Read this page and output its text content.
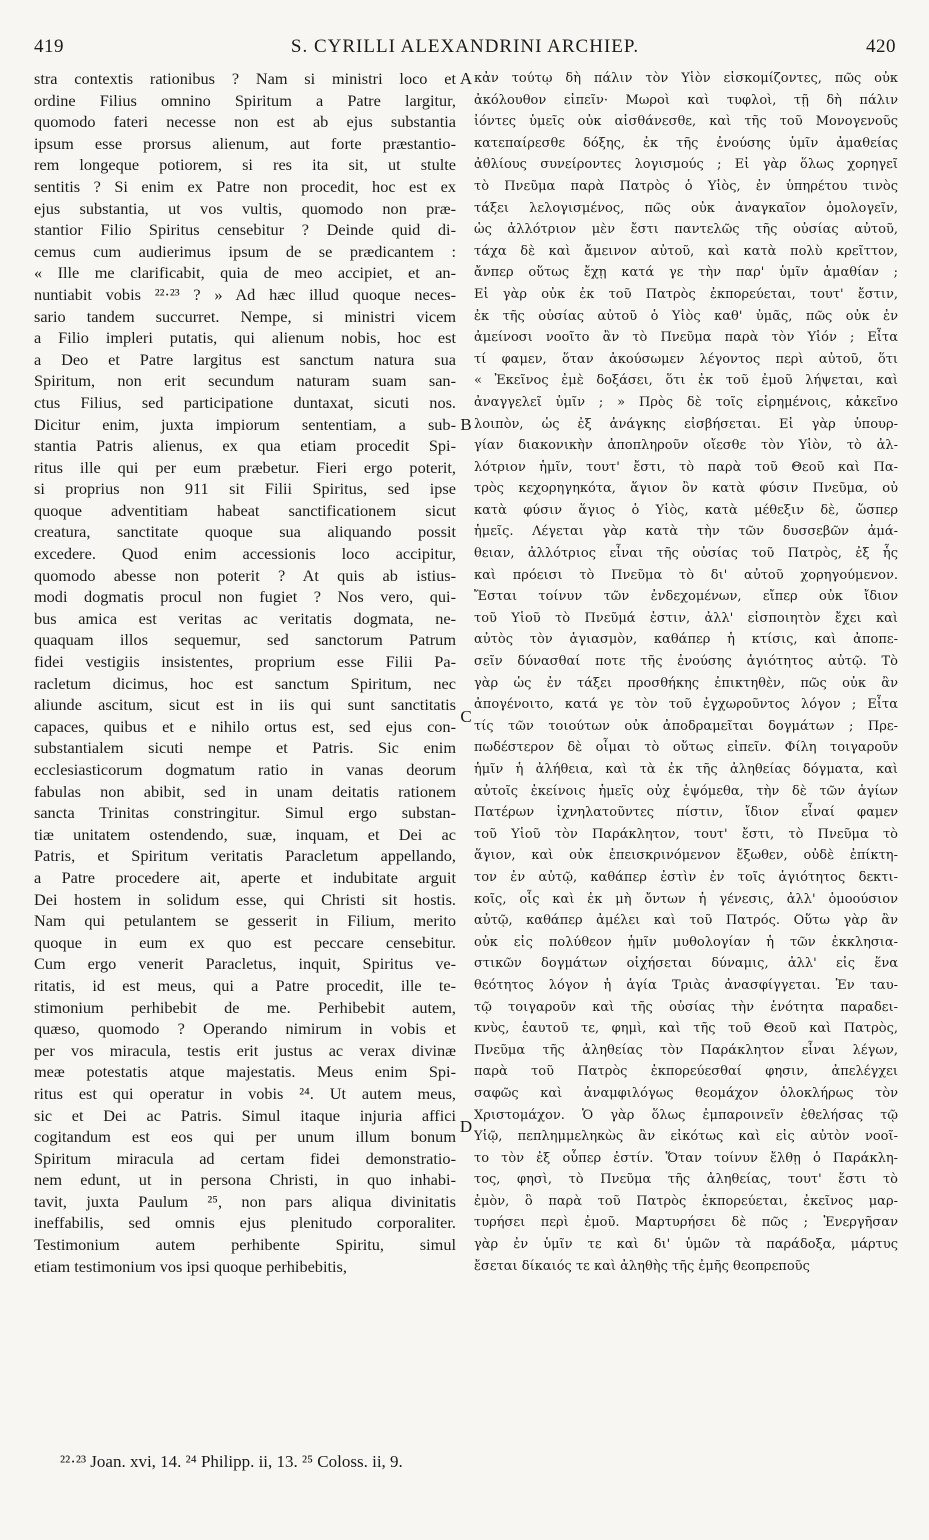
419	S. CYRILLI ALEXANDRINI ARCHIEP.	420
stra contextis rationibus ? Nam si ministri loco et
ordine Filius omnino Spiritum a Patre largitur,
quomodo fateri necesse non est ab ejus substantia
ipsum esse prorsus alienum, aut forte præstantio-
rem longeque potiorem, si res ita sit, ut stulte
sentitis ? Si enim ex Patre non procedit, hoc est ex
ejus substantia, ut vos vultis, quomodo non præ-
stantior Filio Spiritus censebitur ? Deinde quid di-
cemus cum audierimus ipsum de se prædicantem :
« Ille me clarificabit, quia de meo accipiet, et an-
nuntiabit vobis ²²·²³ ? » Ad hæc illud quoque neces-
sario tandem succurret. Nempe, si ministri vicem
a Filio impleri putatis, qui alienum nobis, hoc est
a Deo et Patre largitus est sanctum natura sua
Spiritum, non erit secundum naturam suam san-
ctus Filius, sed participatione duntaxat, sicuti nos.
Dicitur enim, juxta impiorum sententiam, a sub-
stantia Patris alienus, ex qua etiam procedit Spi-
ritus ille qui per eum præbetur. Fieri ergo poterit,
si proprius non 911 sit Filii Spiritus, sed ipse
quoque adventitiam habeat sanctificationem sicut
creatura, sanctitate quoque sua aliquando possit
excedere. Quod enim accessionis loco accipitur,
quomodo abesse non poterit ? At quis ab istius-
modi dogmatis procul non fugiet ? Nos vero, qui-
bus amica est veritas ac veritatis dogmata, ne-
quaquam illos sequemur, sed sanctorum Patrum
fidei vestigiis insistentes, proprium esse Filii Pa-
racletum dicimus, hoc est sanctum Spiritum, nec
aliunde ascitum, sicut est in iis qui sunt sanctitatis
capaces, quibus et e nihilo ortus est, sed ejus con-
substantialem sicuti nempe et Patris. Sic enim
ecclesiasticorum dogmatum ratio in vanas deorum
fabulas non abibit, sed in unam deitatis rationem
sancta Trinitas constringitur. Simul ergo substan-
tiæ unitatem ostendendo, suæ, inquam, et Dei ac
Patris, et Spiritum veritatis Paracletum appellando,
a Patre procedere ait, aperte et indubitate arguit
Dei hostem in solidum esse, qui Christi sit hostis.
Nam qui petulantem se gesserit in Filium, merito
quoque in eum ex quo est peccare censebitur.
Cum ergo venerit Paracletus, inquit, Spiritus ve-
ritatis, id est meus, qui a Patre procedit, ille te-
stimonium perhibebit de me. Perhibebit autem,
quæso, quomodo ? Operando nimirum in vobis et
per vos miracula, testis erit justus ac verax divinæ
meæ potestatis atque majestatis. Meus enim Spi-
ritus est qui operatur in vobis ²⁴. Ut autem meus,
sic et Dei ac Patris. Simul itaque injuria affici
cogitandum est eos qui per unum illum bonum
Spiritum miracula ad certam fidei demonstratio-
nem edunt, ut in persona Christi, in quo inhabi-
tavit, juxta Paulum ²⁵, non pars aliqua divinitatis
ineffabilis, sed omnis ejus plenitudo corporaliter.
Testimonium autem perhibente Spiritu, simul
etiam testimonium vos ipsi quoque perhibebitis,
κἀν τούτῳ δὴ πάλιν τὸν Υἱὸν εἰσκομίζοντες, πῶς οὐκ
ἀκόλουθον εἰπεῖν· Μωροὶ καὶ τυφλοὶ, τῇ δὴ πάλιν
ἰόντες ὑμεῖς οὐκ αἰσθάνεσθε, καὶ τῆς τοῦ Μονογενοῦς
κατεπαίρεσθε δόξης, ἐκ τῆς ἐνούσης ὑμῖν ἀμαθείας
ἀθλίους συνείροντες λογισμούς ; Εἰ γὰρ ὅλως χορηγεῖ
τὸ Πνεῦμα παρὰ Πατρὸς ὁ Υἱὸς, ἐν ὑπηρέτου τινὸς
τάξει λελογισμένος, πῶς οὐκ ἀναγκαῖον ὁμολογεῖν,
ὡς ἀλλότριον μὲν ἔστι παντελῶς τῆς οὐσίας αὐτοῦ,
τάχα δὲ καὶ ἄμεινον αὐτοῦ, καὶ κατὰ πολὺ κρεῖττον,
ἄνπερ οὕτως ἔχῃ κατά γε τὴν παρ' ὑμῖν ἀμαθίαν ;
Εἰ γὰρ οὐκ ἐκ τοῦ Πατρὸς ἐκπορεύεται, τουτ' ἔστιν,
ἐκ τῆς οὐσίας αὐτοῦ ὁ Υἱὸς καθ' ὑμᾶς, πῶς οὐκ ἐν
ἀμείνοσι νοοῖτο ἂν τὸ Πνεῦμα παρὰ τὸν Υἱόν ; Εἶτα
τί φαμεν, ὅταν ἀκούσωμεν λέγοντος περὶ αὐτοῦ, ὅτι
« Ἐκεῖνος ἐμὲ δοξάσει, ὅτι ἐκ τοῦ ἐμοῦ λήψεται, καὶ
ἀναγγελεῖ ὑμῖν ; » Πρὸς δὲ τοῖς εἰρημένοις, κἀκεῖνο
λοιπὸν, ὡς ἐξ ἀνάγκης εἰσβήσεται. Εἰ γὰρ ὑπουρ-
γίαν διακονικὴν ἀποπληροῦν οἴεσθε τὸν Υἱὸν, τὸ ἀλ-
λότριον ἡμῖν, τουτ' ἔστι, τὸ παρὰ τοῦ Θεοῦ καὶ Πα-
τρὸς κεχορηγηκότα, ἅγιον ὂν κατὰ φύσιν Πνεῦμα, οὐ
κατὰ φύσιν ἅγιος ὁ Υἱὸς, κατὰ μέθεξιν δὲ, ὥσπερ
ἡμεῖς. Λέγεται γὰρ κατὰ τὴν τῶν δυσσεβῶν ἀμά-
θειαν, ἀλλότριος εἶναι τῆς οὐσίας τοῦ Πατρὸς, ἐξ ἧς
καὶ πρόεισι τὸ Πνεῦμα τὸ δι' αὐτοῦ χορηγούμενον.
Ἔσται τοίνυν τῶν ἐνδεχομένων, εἴπερ οὐκ ἴδιον
τοῦ Υἱοῦ τὸ Πνεῦμά ἐστιν, ἀλλ' εἰσποιητὸν ἔχει καὶ
αὐτὸς τὸν ἁγιασμὸν, καθάπερ ἡ κτίσις, καὶ ἀποπε-
σεῖν δύνασθαί ποτε τῆς ἐνούσης ἁγιότητος αὐτῷ. Τὸ
γὰρ ὡς ἐν τάξει προσθήκης ἐπικτηθὲν, πῶς οὐκ ἂν
ἀπογένοιτο, κατά γε τὸν τοῦ ἐγχωροῦντος λόγον ; Εἶτα
τίς τῶν τοιούτων οὐκ ἀποδραμεῖται δογμάτων ; Πρε-
πωδέστερον δὲ οἶμαι τὸ οὕτως εἰπεῖν. Φίλη τοιγαροῦν
ἡμῖν ἡ ἀλήθεια, καὶ τὰ ἐκ τῆς ἀληθείας δόγματα, καὶ
αὐτοῖς ἐκείνοις ἡμεῖς οὐχ ἑψόμεθα, τὴν δὲ τῶν ἁγίων
Πατέρων ἰχνηλατοῦντες πίστιν, ἴδιον εἶναί φαμεν
τοῦ Υἱοῦ τὸν Παράκλητον, τουτ' ἔστι, τὸ Πνεῦμα τὸ
ἅγιον, καὶ οὐκ ἐπεισκρινόμενον ἔξωθεν, οὐδὲ ἐπίκτη-
τον ἐν αὐτῷ, καθάπερ ἐστὶν ἐν τοῖς ἁγιότητος δεκτι-
κοῖς, οἷς καὶ ἐκ μὴ ὄντων ἡ γένεσις, ἀλλ' ὁμοούσιον
αὐτῷ, καθάπερ ἀμέλει καὶ τοῦ Πατρός. Οὕτω γὰρ ἂν
οὐκ εἰς πολύθεον ἡμῖν μυθολογίαν ἡ τῶν ἐκκλησια-
στικῶν δογμάτων οἰχήσεται δύναμις, ἀλλ' εἰς ἕνα
θεότητος λόγον ἡ ἁγία Τριὰς ἀνασφίγγεται. Ἐν ταυ-
τῷ τοιγαροῦν καὶ τῆς οὐσίας τὴν ἑνότητα παραδει-
κνὺς, ἑαυτοῦ τε, φημὶ, καὶ τῆς τοῦ Θεοῦ καὶ Πατρὸς,
Πνεῦμα τῆς ἀληθείας τὸν Παράκλητον εἶναι λέγων,
παρὰ τοῦ Πατρὸς ἐκπορεύεσθαί φησιν, ἀπελέγχει
σαφῶς καὶ ἀναμφιλόγως θεομάχον ὁλοκλήρως τὸν
Χριστομάχον. Ὁ γὰρ ὅλως ἐμπαροινεῖν ἐθελήσας τῷ
Υἱῷ, πεπλημμεληκὼς ἂν εἰκότως καὶ εἰς αὐτὸν νοοῖ-
το τὸν ἐξ οὗπερ ἐστίν. Ὅταν τοίνυν ἔλθῃ ὁ Παράκλη-
τος, φησὶ, τὸ Πνεῦμα τῆς ἀληθείας, τουτ' ἔστι τὸ
ἐμὸν, ὃ παρὰ τοῦ Πατρὸς ἐκπορεύεται, ἐκεῖνος μαρ-
τυρήσει περὶ ἐμοῦ. Μαρτυρήσει δὲ πῶς ; Ἐνεργῆσαν
γὰρ ἐν ὑμῖν τε καὶ δι' ὑμῶν τὰ παράδοξα, μάρτυς
ἔσεται δίκαιός τε καὶ ἀληθὴς τῆς ἐμῆς θεοπρεποῦς
A
B
C
D
²²·²³ Joan. xvi, 14. ²⁴ Philipp. ii, 13. ²⁵ Coloss. ii, 9.
